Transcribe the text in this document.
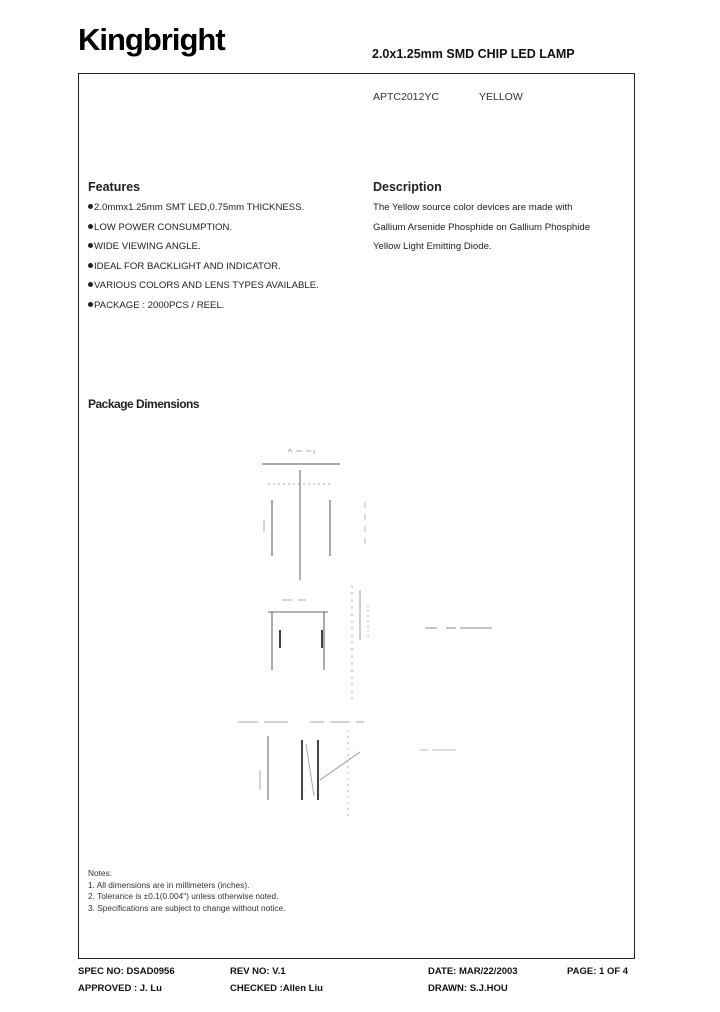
Kingbright	2.0x1.25mm SMD CHIP LED LAMP
APTC2012YC	YELLOW
Features
2.0mmx1.25mm SMT LED,0.75mm THICKNESS.
LOW POWER CONSUMPTION.
WIDE VIEWING ANGLE.
IDEAL FOR BACKLIGHT AND INDICATOR.
VARIOUS COLORS AND LENS TYPES AVAILABLE.
PACKAGE : 2000PCS / REEL.
Description
The Yellow source color devices are made with
Gallium Arsenide Phosphide on Gallium Phosphide
Yellow Light Emitting Diode.
Package Dimensions
Notes:
1. All dimensions are in millimeters (inches).
2. Tolerance is ±0.1(0.004") unless otherwise noted.
3. Specifications are subject to change without notice.
SPEC NO: DSAD0956	REV NO: V.1	DATE: MAR/22/2003	PAGE: 1 OF 4
APPROVED : J. Lu	CHECKED :Allen Liu	DRAWN: S.J.HOU
